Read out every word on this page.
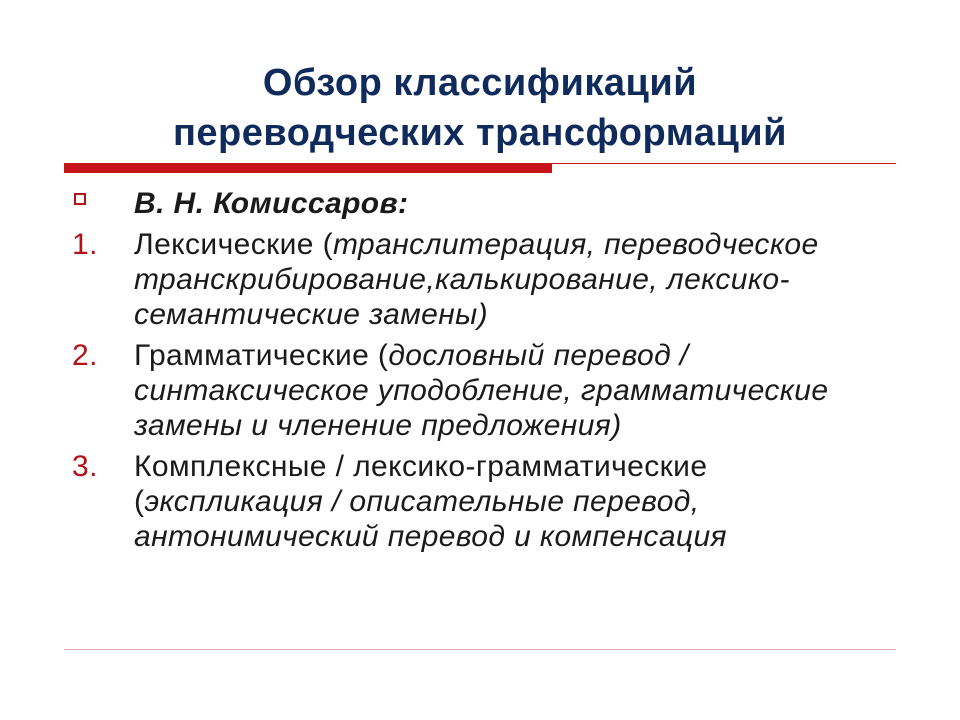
Обзор классификаций
переводческих трансформаций
В. Н. Комиссаров:
1.	Лексические (транслитерация, переводческое транскрибирование,калькирование, лексико-семантические замены)
2.	Грамматические (дословный перевод /синтаксическое уподобление, грамматические замены и членение предложения)
3.	Комплексные / лексико-грамматические (экспликация / описательные перевод, антонимический перевод и компенсация
